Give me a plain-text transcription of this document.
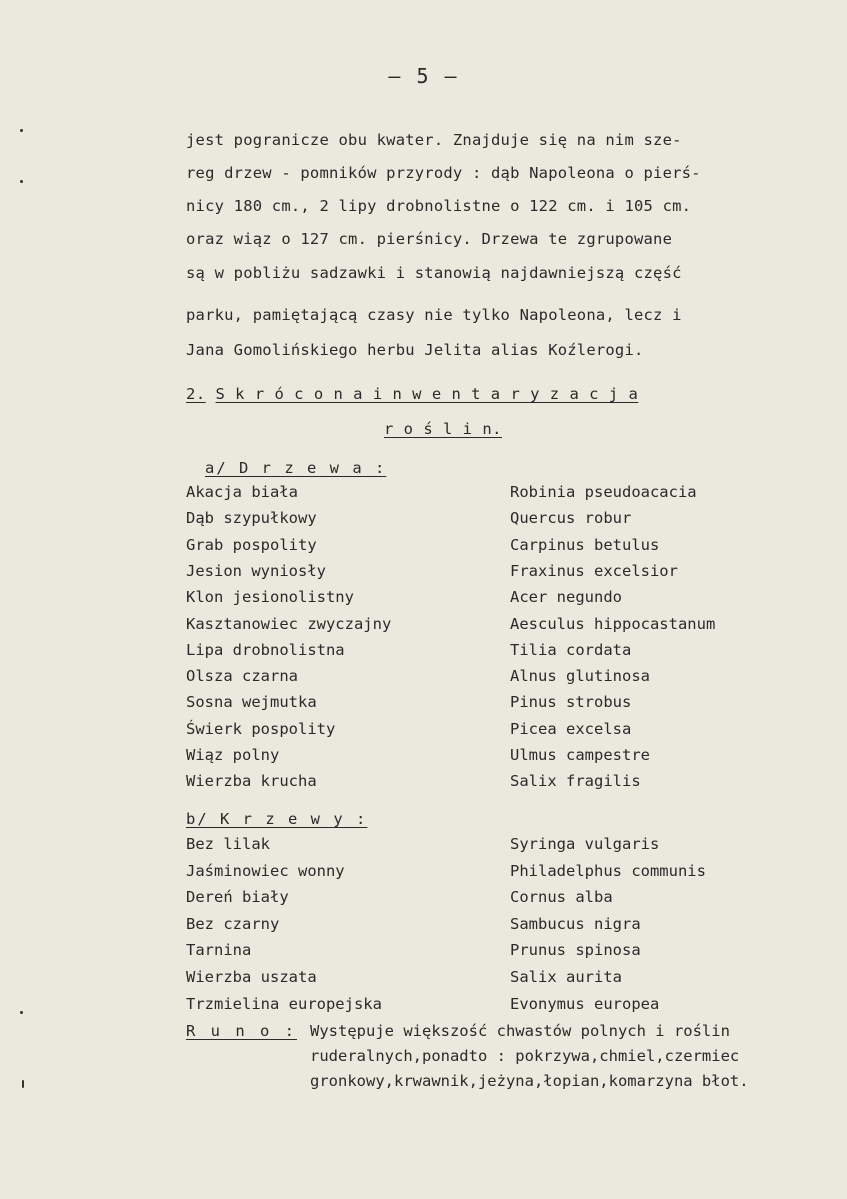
— 5 —
jest pogranicze obu kwater. Znajduje się na nim sze-
reg drzew - pomników przyrody : dąb Napoleona o pierś-
nicy 180 cm., 2 lipy drobnolistne o 122 cm. i 105 cm.
oraz wiąz o 127 cm. pierśnicy. Drzewa te zgrupowane
są w pobliżu sadzawki i stanowią najdawniejszą część
parku, pamiętającą czasy nie tylko Napoleona, lecz i
Jana Gomolińskiego herbu Jelita alias Koźlerogi.
2. S k r ó c o n a i_n_w_e_n_t_a_r_y_z_a_c_j_a
r_o_ś_l_i_n.
a/ D r z e w a :
Akacja biała	Robinia pseudoacacia
Dąb szypułkowy	Quercus robur
Grab pospolity	Carpinus betulus
Jesion wyniosły	Fraxinus excelsior
Klon jesionolistny	Acer negundo
Kasztanowiec zwyczajny	Aesculus hippocastanum
Lipa drobnolistna	Tilia cordata
Olsza czarna	Alnus glutinosa
Sosna wejmutka	Pinus strobus
Świerk pospolity	Picea excelsa
Wiąz polny	Ulmus campestre
Wierzba krucha	Salix fragilis
b/ K r z e w y :
Bez lilak	Syringa vulgaris
Jaśminowiec wonny	Philadelphus communis
Dereń biały	Cornus alba
Bez czarny	Sambucus nigra
Tarnina	Prunus spinosa
Wierzba uszata	Salix aurita
Trzmielina europejska	Evonymus europea
R u n o : Występuje większość chwastów polnych i roślin
ruderalnych,ponadto : pokrzywa,chmiel,czermiec
gronkowy,krwawnik,jeżyna,łopian,komarzyna błot.
